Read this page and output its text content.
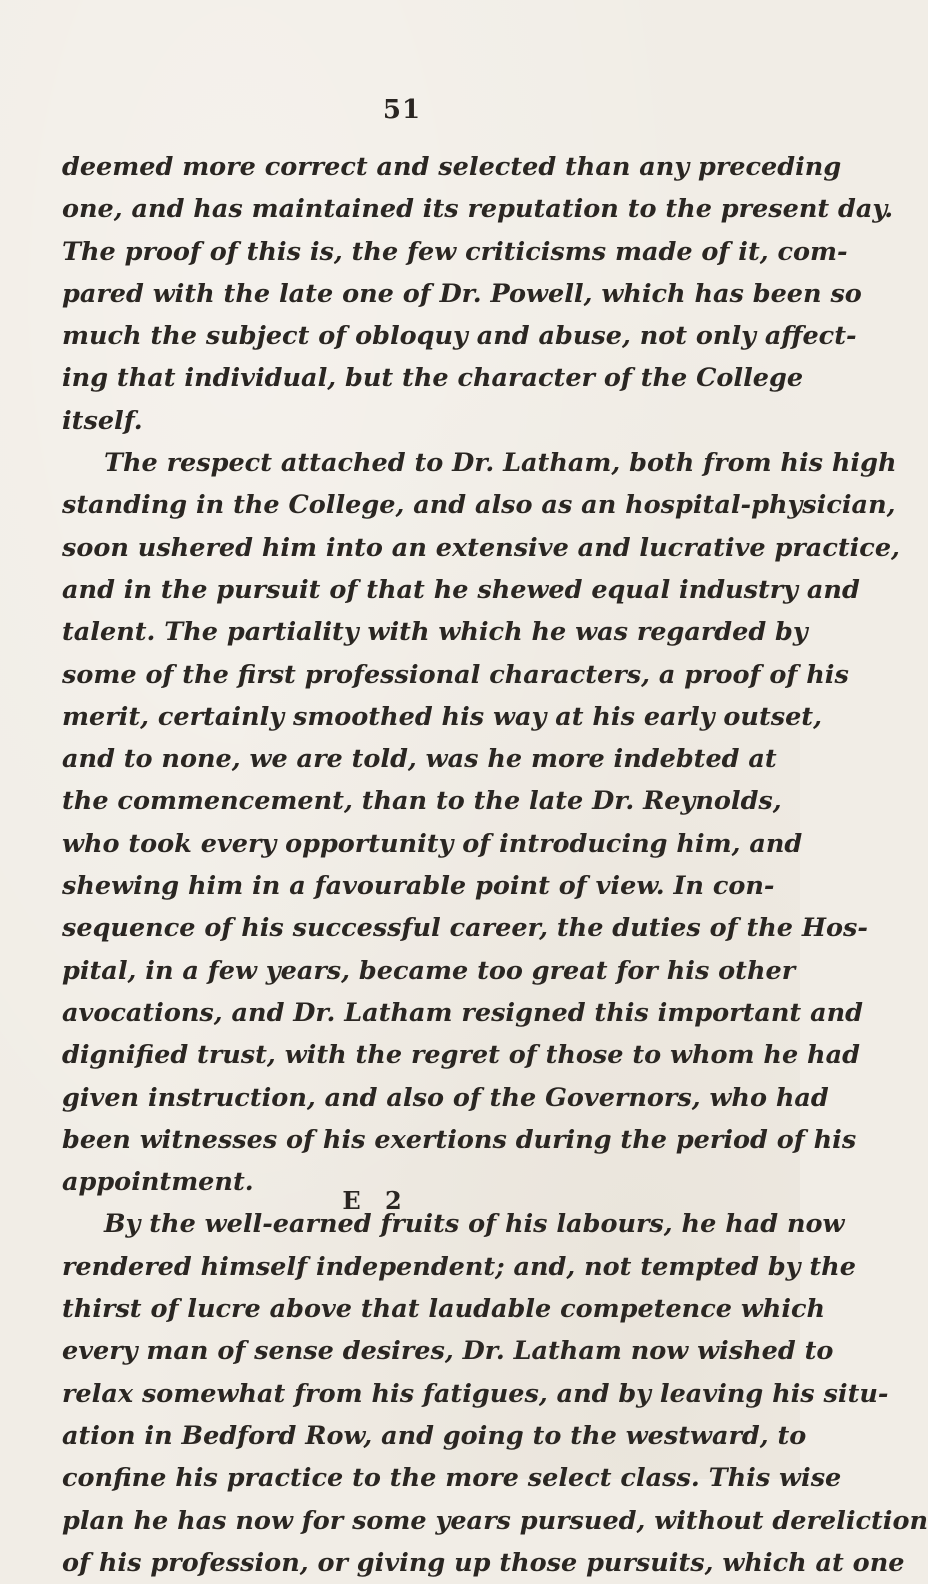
51
deemed more correct and selected than any preceding
one, and has maintained its reputation to the present day.
The proof of this is, the few criticisms made of it, com-
pared with the late one of Dr. Powell, which has been so
much the subject of obloquy and abuse, not only affect-
ing that individual, but the character of the College
itself.
The respect attached to Dr. Latham, both from his high
standing in the College, and also as an hospital-physician,
soon ushered him into an extensive and lucrative practice,
and in the pursuit of that he shewed equal industry and
talent. The partiality with which he was regarded by
some of the first professional characters, a proof of his
merit, certainly smoothed his way at his early outset,
and to none, we are told, was he more indebted at
the commencement, than to the late Dr. Reynolds,
who took every opportunity of introducing him, and
shewing him in a favourable point of view. In con-
sequence of his successful career, the duties of the Hos-
pital, in a few years, became too great for his other
avocations, and Dr. Latham resigned this important and
dignified trust, with the regret of those to whom he had
given instruction, and also of the Governors, who had
been witnesses of his exertions during the period of his
appointment.
By the well-earned fruits of his labours, he had now
rendered himself independent; and, not tempted by the
thirst of lucre above that laudable competence which
every man of sense desires, Dr. Latham now wished to
relax somewhat from his fatigues, and by leaving his situ-
ation in Bedford Row, and going to the westward, to
confine his practice to the more select class. This wise
plan he has now for some years pursued, without dereliction
of his profession, or giving up those pursuits, which at one
E 2
